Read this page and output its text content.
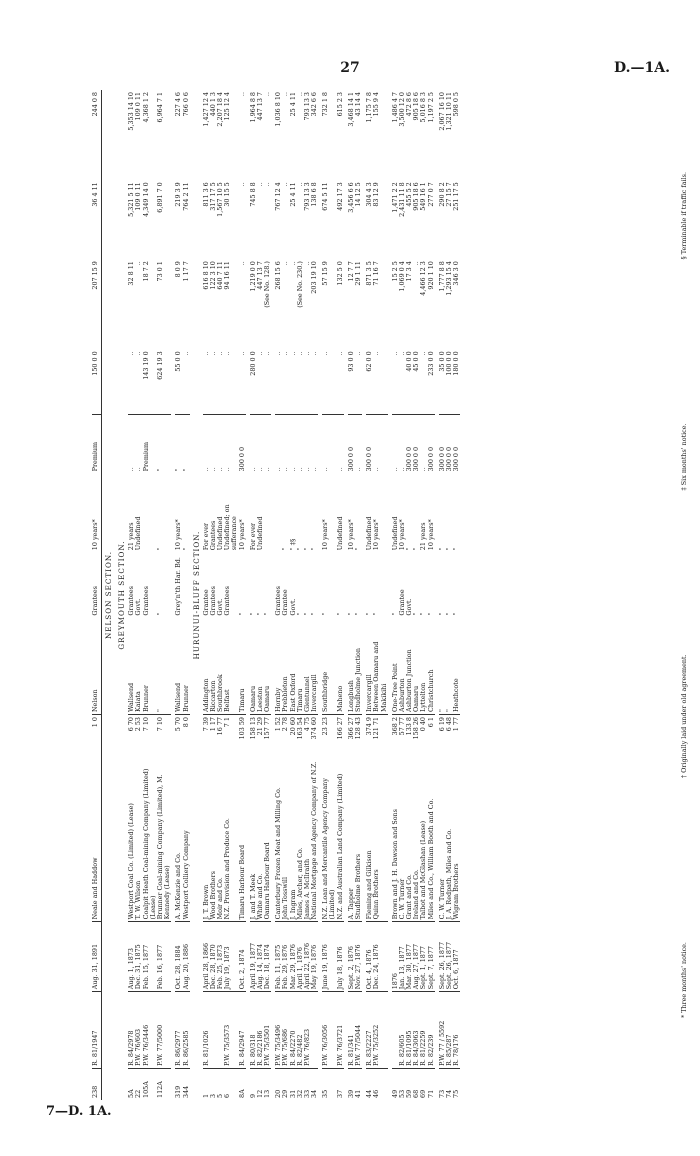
27	D.—1A.
238	R. 81/1947	Aug. 31, 1891	Neale and Haddow	1 0	Nelson	Grantees	10 years*	Premium	150 0 0	207 15 9	36 4 11	244 0 8
NELSON SECTION.												
GREYMOUTH SECTION.												
5A	R. 84/2978	Aug. 1, 1873	Westport Coal Co. (Limited) (Lease)	6 70	Wallsend	Grantees	21 years	..	..	32 8 11	5,321 5 11	5,353 14 10
22	P.W. 76/603	Dec. 31, 1875	T. W. Wilson	2 53	Kaiata	Govt.	Undefined	..	..	..	109 0 11	109 0 11
105A	P.W. 76/3446	Feb. 15, 1877	Coalpit Heath Coal-mining Company (Limited) (Lease)	7 10	Brunner	Grantees		Premium	143 19 0	18 7 2	4,349 14 0	4,368 1 2
112A	P.W. 77/5000	Feb. 16, 1877	Brunner Coal-mining Company (Limited), M. Kennedy (Lease)	7 10	"	"	"	"	624 19 3	73 0 1	6,891 7 0	6,964 7 1

319	R. 86/2977	Oct. 28, 1884	A. McKenzie and Co.	5 70	Wallsend	Grey'n'th Har. Bd.	10 years*	"	55 0 0	8 0 9	219 3 9	227 4 6
344	R. 86/2585	Aug. 20, 1886	Westport Colliery Company	8 0	Brunner		"	"	..	1 17 7	764 2 11	766 0 6
HURUNUI-BLUFF SECTION.												
1	R. 81/1026	April 28, 1866	J. T. Brown	7 39	Addington	Grantee	For ever	..	..	616 8 10	811 3 6	1,427 12 4
3		Dec. 28, 1870	Wood Brothers	1 17	Riccarton	Grantees	Grantees	..	..	122 3 10	317 17 5	440 1 3
5		Feb. 25, 1873	Moir and Co.	16 77	Southbrook	Govt.	Undefined	..	..	640 7 11	1,567 10 5	2,207 18 4
6	P.W. 75/3573	July 19, 1873	N.Z. Provision and Produce Co.	7 1	Belfast	Grantees	Undefined; on sufferance	..	..	94 16 11	30 15 5	125 12 4
8A	R. 84/2947	Oct. 2, 1874	Timaru Harbour Board	103 59	Timaru	"	10 years*	300 0 0	..	..	..	..

9	R. 80/318	April 19, 1877	J. and T. Meek	158 13	Oamaru	"	For ever	..	280 0 0	1,219 0 0	745 8 8	1,964 8 8
12	R. 82/2186	Aug. 14, 1874	White and Co.	21 29	Leeston	"	Undefined	..	..	447 13 7	..	447 13 7
13	P.W. 75/3501	Dec. 18, 1874	Oamaru Harbour Board	157 77	Oamaru	"		..	..	(See No. 128.)	..	..

20	P.W. 75/3496	Feb. 11, 1875	Canterbury Frozen Meat and Milling Co.	1 52	Hornby	Grantees		..	..	268 15 6	767 12 4	1,036 8 10
29	P.W. 75/686	Feb. 29, 1876	John Tosswill	2 78	Prebbleton	Grantee	"	..	..	..	..	..
31	R. 84/2270	Mar. 29, 1876	J. Ingram	20 60	East Oxford	Govt.	" ‡§	..	..	..	25 4 11	25 4 11
32	R. 82/482	April 1, 1876	Miles, Archer, and Co.	163 54	Timaru	"	"	..	..	(See No. 230.)	..	..
33	P.W. 76/823	April 22, 1876	James A. McIlraith	4 75	Glentunnel	"	"	..	..	..	793 13 3	793 13 3
34		May 19, 1876	National Mortgage and Agency Company of N.Z.	374 60	Invercargill	"	"	..	..	203 19 10	138 6 8	342 6 6

35	P.W. 76/3056	June 19, 1876	N.Z. Loan and Mercantile Agency Company (Limited)	23 23	Southbridge	"	10 years*	..	..	57 15 9	674 5 11	732 1 8
37	P.W. 76/3721	July 18, 1876	N.Z. and Australian Land Company (Limited)	166 27	Maheno	"	Undefined	..	..	132 5 0	492 17 3	615 2 3

39	R. 81/341	Sept. 2, 1876	A. Tapper	366 27	Longbush	"	10 years*	300 0 0	93 0 0	12 7 7	3,456 6 6	3,468 14 1
41	P.W. 77/5044	Nov. 27, 1876	Studholme Brothers	128 43	Studholme Junction	"	"	..	..	29 1 11	14 12 5	43 14 4

44	R. 83/2227	Oct. 4, 1876	Fleming and Gilkison	374 9	Invercargill	"	Undefined	300 0 0	62 0 0	871 3 5	304 4 3	1,175 7 8
46	P.W. 75/3252	Dec. 24, 1876	Quinn Brothers	121 71	Between Oamaru and Makikihi	"	10 years*	..	..	71 16 7	83 12 9	155 9 4

49		1876	Brown and J. H. Dawson and Sons	368 2	One-Tree Point	"	Undefined	..	..	15 2 5	1,471 2 2	1,486 4 7
53	R. 82/605	Jan. 13, 1877	C. W. Turner	57 77	Ashburton	Grantee	10 years*	..	..	1,069 0 4	2,431 11 8	3,500 12 0
59	R. 81/1095	Mar. 30, 1877	Grant and Co.	133 8	Ashburton Junction	Govt.	"	300 0 0	40 0 0	17 3 4	455 5 2	472 8 6
68	R. 84/3063	Aug. 27, 1877	Ireland and Co.	158 26	Oamaru	"	"	300 0 0	45 0 0	..	905 18 6	905 18 6
69	R. 81/2259	Sept. 1, 1877	Talbot and McGlashan (Lease)	0 40	Lyttelton	"	21 years	..	..	4,466 12 3	549 16 1	5,016 8 3
71	R. 82/239	Sept. 7, 1877	Miles and Co., William Booth and Co.	6 1	Christchurch	"	10 years*	300 0 0	233 0 0	920 1 10	277 0 7	1,197 2 5

73	P.W. 77 / 5592	Sept. 26, 1877	C. W. Turner	6 19	"	"	"	300 0 0	35 0 0	1,777 8 8	290 8 2	2,067 16 10
74	R. 85/287	Sept. 26, 1877	J. A. Redpath, Miles and Co.	6 48	"	"	"	300 0 0	100 0 0	1,293 15 4	27 15 7	1,321 10 11
75	R. 78/176	Oct. 6, 1877	Wigram Brothers	1 77	Heathcote	"	"	300 0 0	180 0 0	346 3 0	251 17 5	598 0 5
* Three months' notice.
† Originally laid under old agreement.
‡ Six months' notice.
§ Terminable if traffic fails.
7—D. 1A.
